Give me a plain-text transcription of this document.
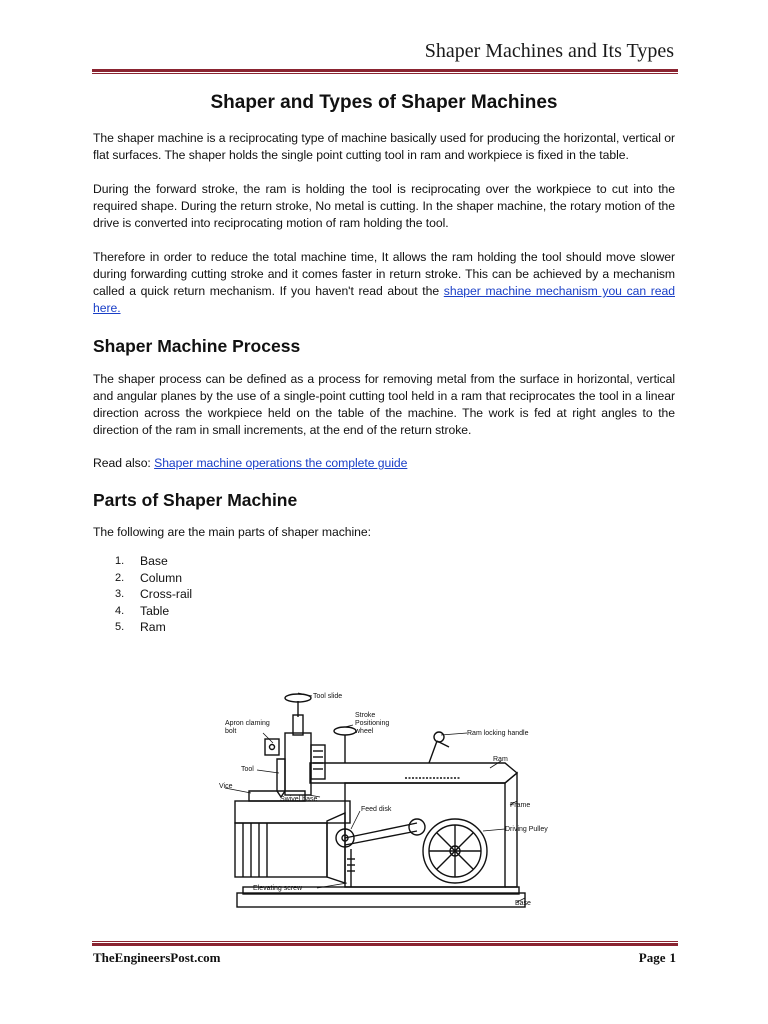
Shaper Machines and Its Types
Shaper and Types of Shaper Machines

The shaper machine is a reciprocating type of machine basically used for producing the horizontal, vertical or flat surfaces. The shaper holds the single point cutting tool in ram and workpiece is fixed in the table.

During the forward stroke, the ram is holding the tool is reciprocating over the workpiece to cut into the required shape. During the return stroke, No metal is cutting. In the shaper machine, the rotary motion of the drive is converted into reciprocating motion of ram holding the tool.

Therefore in order to reduce the total machine time, It allows the ram holding the tool should move slower during forwarding cutting stroke and it comes faster in return stroke. This can be achieved by a mechanism called a quick return mechanism. If you haven't read about the shaper machine mechanism you can read here.

Shaper Machine Process

The shaper process can be defined as a process for removing metal from the surface in horizontal, vertical and angular planes by the use of a single-point cutting tool held in a ram that reciprocates the tool in a linear direction across the workpiece held on the table of the machine. The work is fed at right angles to the direction of the ram in small increments, at the end of the return stroke.

Read also: Shaper machine operations the complete guide

Parts of Shaper Machine

The following are the main parts of shaper machine:

1.	Base
2.	Column
3.	Cross-rail
4.	Table
5.	Ram
Tool slide
Stroke
Positioning
wheel
Apron claming
bolt	Ram locking handle
Ram
Tool
Vice
Swivel base
Feed disk
Frame
Driving Pulley
Elevating screw
Base
TheEngineersPost.com	Page 1
